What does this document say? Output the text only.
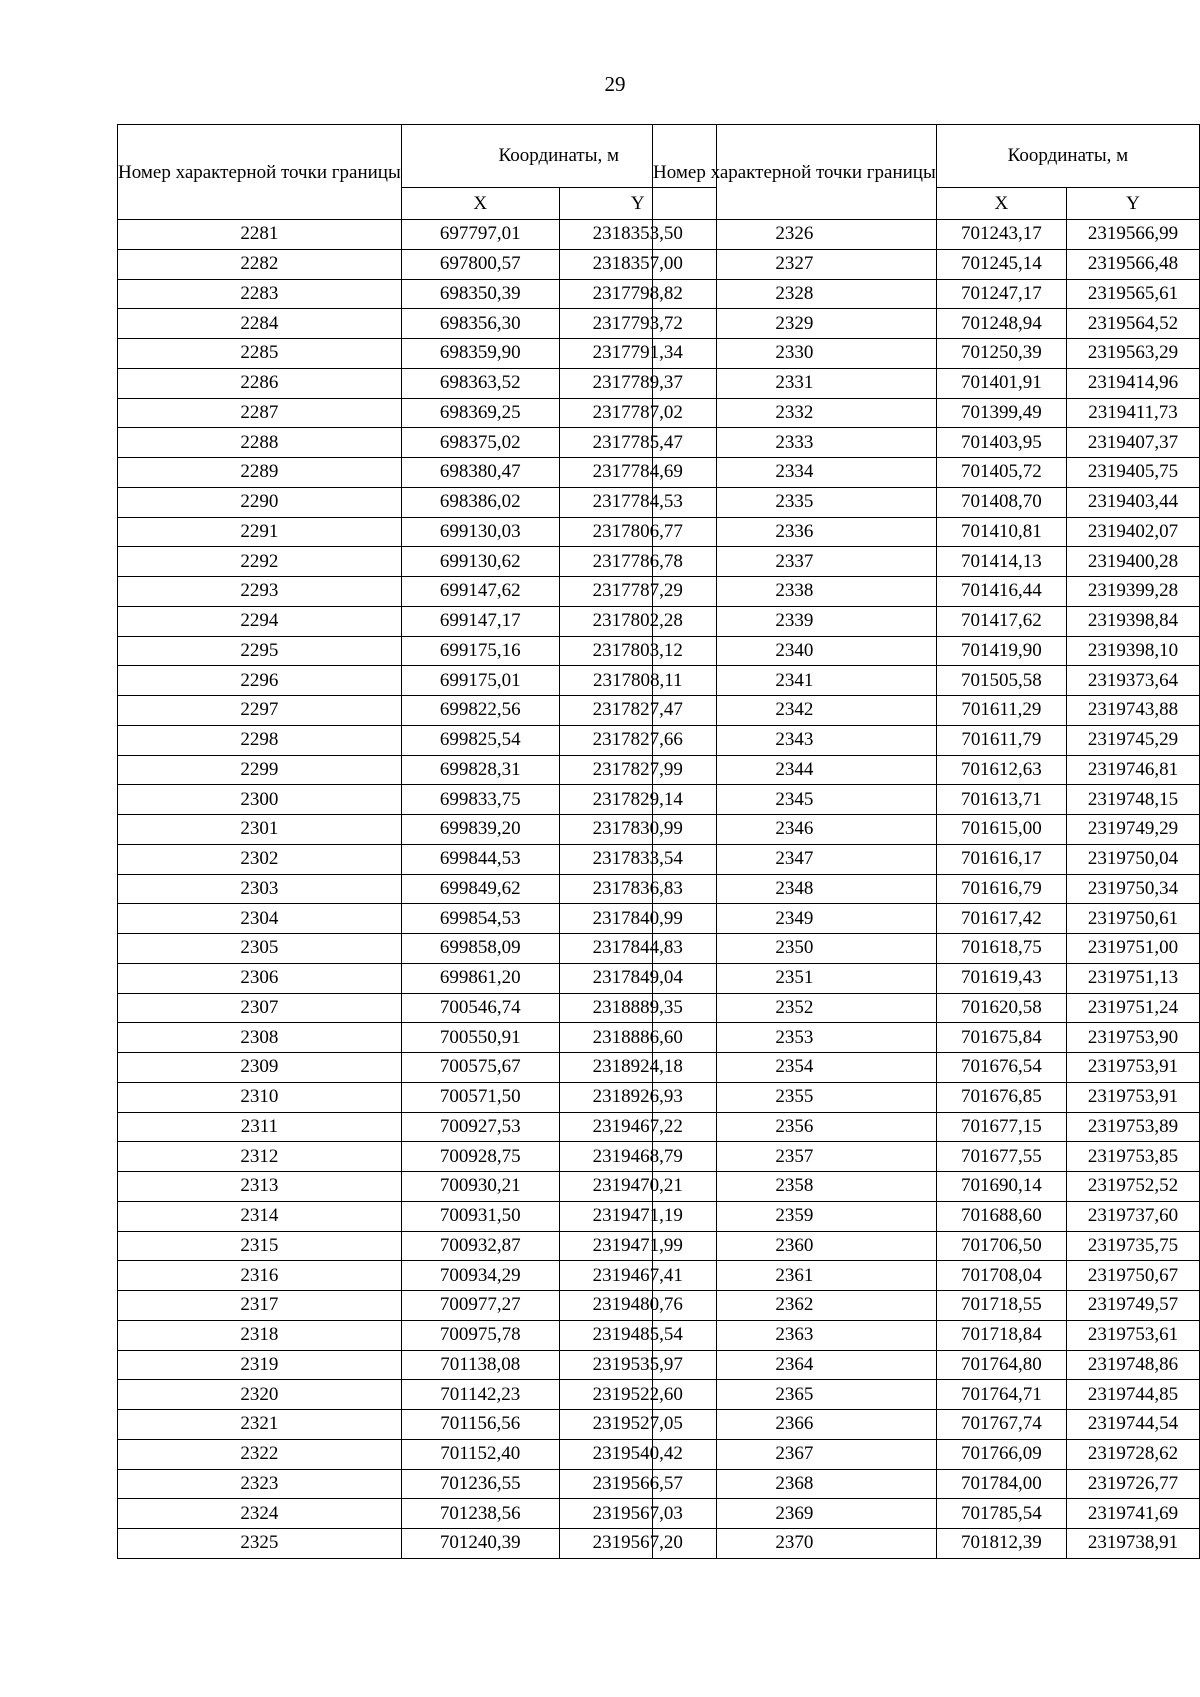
29
Номер характерной точки границы	Координаты, м	
	X	Y
2281	697797,01	2318353,50
2282	697800,57	2318357,00
2283	698350,39	2317798,82
2284	698356,30	2317793,72
2285	698359,90	2317791,34
2286	698363,52	2317789,37
2287	698369,25	2317787,02
2288	698375,02	2317785,47
2289	698380,47	2317784,69
2290	698386,02	2317784,53
2291	699130,03	2317806,77
2292	699130,62	2317786,78
2293	699147,62	2317787,29
2294	699147,17	2317802,28
2295	699175,16	2317803,12
2296	699175,01	2317808,11
2297	699822,56	2317827,47
2298	699825,54	2317827,66
2299	699828,31	2317827,99
2300	699833,75	2317829,14
2301	699839,20	2317830,99
2302	699844,53	2317833,54
2303	699849,62	2317836,83
2304	699854,53	2317840,99
2305	699858,09	2317844,83
2306	699861,20	2317849,04
2307	700546,74	2318889,35
2308	700550,91	2318886,60
2309	700575,67	2318924,18
2310	700571,50	2318926,93
2311	700927,53	2319467,22
2312	700928,75	2319468,79
2313	700930,21	2319470,21
2314	700931,50	2319471,19
2315	700932,87	2319471,99
2316	700934,29	2319467,41
2317	700977,27	2319480,76
2318	700975,78	2319485,54
2319	701138,08	2319535,97
2320	701142,23	2319522,60
2321	701156,56	2319527,05
2322	701152,40	2319540,42
2323	701236,55	2319566,57
2324	701238,56	2319567,03
2325	701240,39	2319567,20
Номер характерной точки границы	Координаты, м	
	X	Y
2326	701243,17	2319566,99
2327	701245,14	2319566,48
2328	701247,17	2319565,61
2329	701248,94	2319564,52
2330	701250,39	2319563,29
2331	701401,91	2319414,96
2332	701399,49	2319411,73
2333	701403,95	2319407,37
2334	701405,72	2319405,75
2335	701408,70	2319403,44
2336	701410,81	2319402,07
2337	701414,13	2319400,28
2338	701416,44	2319399,28
2339	701417,62	2319398,84
2340	701419,90	2319398,10
2341	701505,58	2319373,64
2342	701611,29	2319743,88
2343	701611,79	2319745,29
2344	701612,63	2319746,81
2345	701613,71	2319748,15
2346	701615,00	2319749,29
2347	701616,17	2319750,04
2348	701616,79	2319750,34
2349	701617,42	2319750,61
2350	701618,75	2319751,00
2351	701619,43	2319751,13
2352	701620,58	2319751,24
2353	701675,84	2319753,90
2354	701676,54	2319753,91
2355	701676,85	2319753,91
2356	701677,15	2319753,89
2357	701677,55	2319753,85
2358	701690,14	2319752,52
2359	701688,60	2319737,60
2360	701706,50	2319735,75
2361	701708,04	2319750,67
2362	701718,55	2319749,57
2363	701718,84	2319753,61
2364	701764,80	2319748,86
2365	701764,71	2319744,85
2366	701767,74	2319744,54
2367	701766,09	2319728,62
2368	701784,00	2319726,77
2369	701785,54	2319741,69
2370	701812,39	2319738,91
